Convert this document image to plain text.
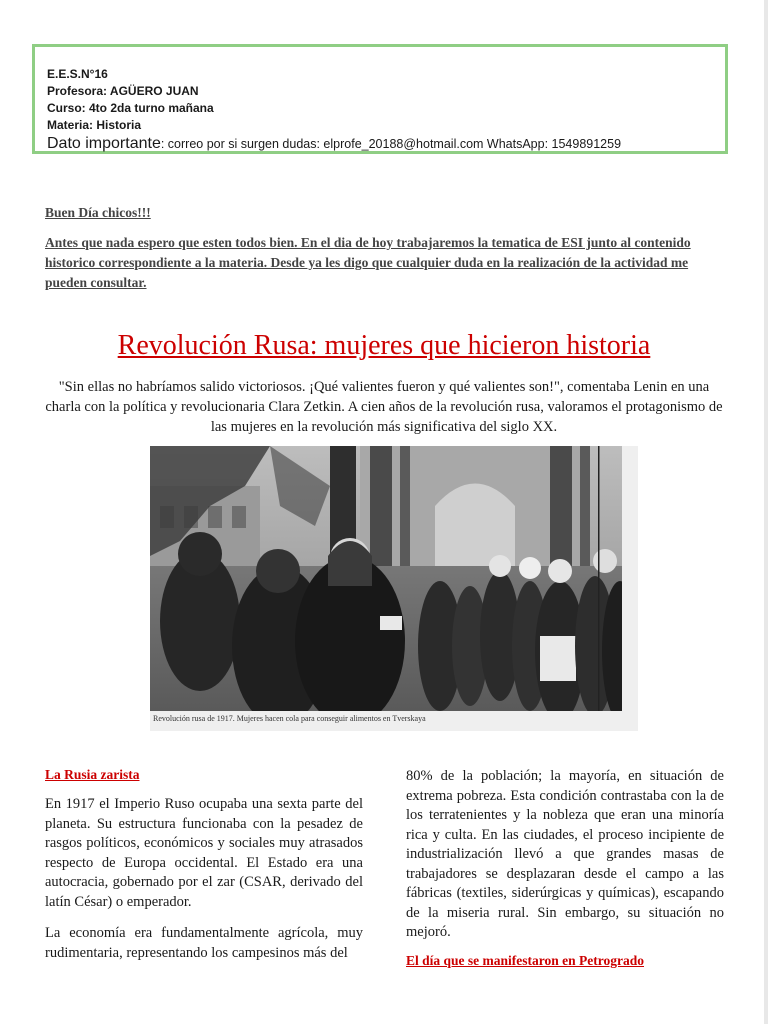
E.E.S.N°16
Profesora: AGÜERO JUAN
Curso: 4to 2da turno mañana
Materia: Historia
Dato importante: correo por si surgen dudas: elprofe_20188@hotmail.com WhatsApp: 1549891259
Buen Día chicos!!!
Antes que nada espero que esten todos bien. En el dia de hoy trabajaremos la tematica de ESI junto al contenido historico correspondiente a la materia. Desde ya les digo que cualquier duda en la realización de la actividad me pueden consultar.
Revolución Rusa: mujeres que hicieron historia
"Sin ellas no habríamos salido victoriosos. ¡Qué valientes fueron y qué valientes son!", comentaba Lenin en una charla con la política y revolucionaria Clara Zetkin. A cien años de la revolución rusa, valoramos el protagonismo de las mujeres en la revolución más significativa del siglo XX.
Revolución rusa de 1917. Mujeres hacen cola para conseguir alimentos en Tverskaya

La Rusia zarista

En 1917 el Imperio Ruso ocupaba una sexta parte del planeta. Su estructura funcionaba con la pesadez de rasgos políticos, económicos y sociales muy atrasados respecto de Europa occidental. El Estado era una autocracia, gobernado por el zar (CSAR, derivado del latín César) o emperador.

La economía era fundamentalmente agrícola, muy rudimentaria, representando los campesinos más del

80% de la población; la mayoría, en situación de extrema pobreza. Esta condición contrastaba con la de los terratenientes y la nobleza que eran una minoría rica y culta. En las ciudades, el proceso incipiente de industrialización llevó a que grandes masas de trabajadores se desplazaran desde el campo a las fábricas (textiles, siderúrgicas y químicas), escapando de la miseria rural. Sin embargo, su situación no mejoró.

El día que se manifestaron en Petrogrado
